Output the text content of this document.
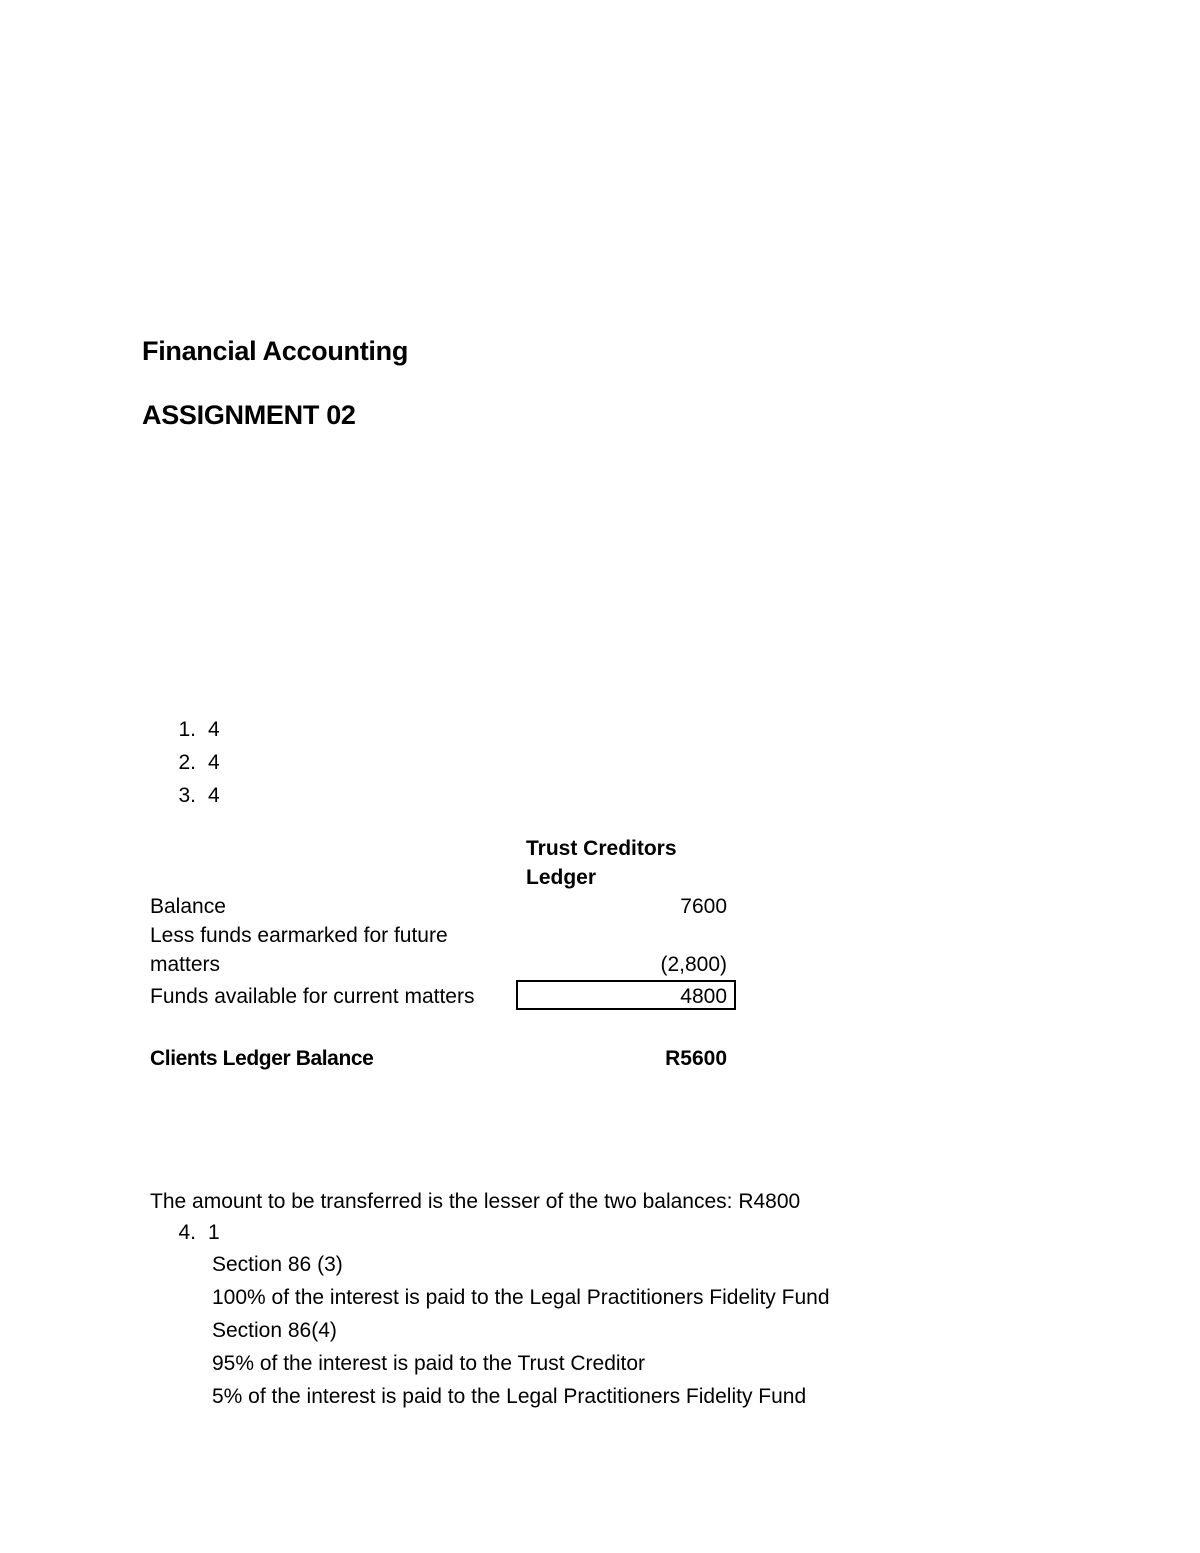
Financial Accounting
ASSIGNMENT 02
1. 4
2. 4
3. 4
Trust Creditors
Ledger
Balance	7600
Less funds earmarked for future
matters	(2,800)
Funds available for current matters	4800
Clients Ledger Balance	R5600
The amount to be transferred is the lesser of the two balances: R4800
4. 1
Section 86 (3)
100% of the interest is paid to the Legal Practitioners Fidelity Fund
Section 86(4)
95% of the interest is paid to the Trust Creditor
5% of the interest is paid to the Legal Practitioners Fidelity Fund
